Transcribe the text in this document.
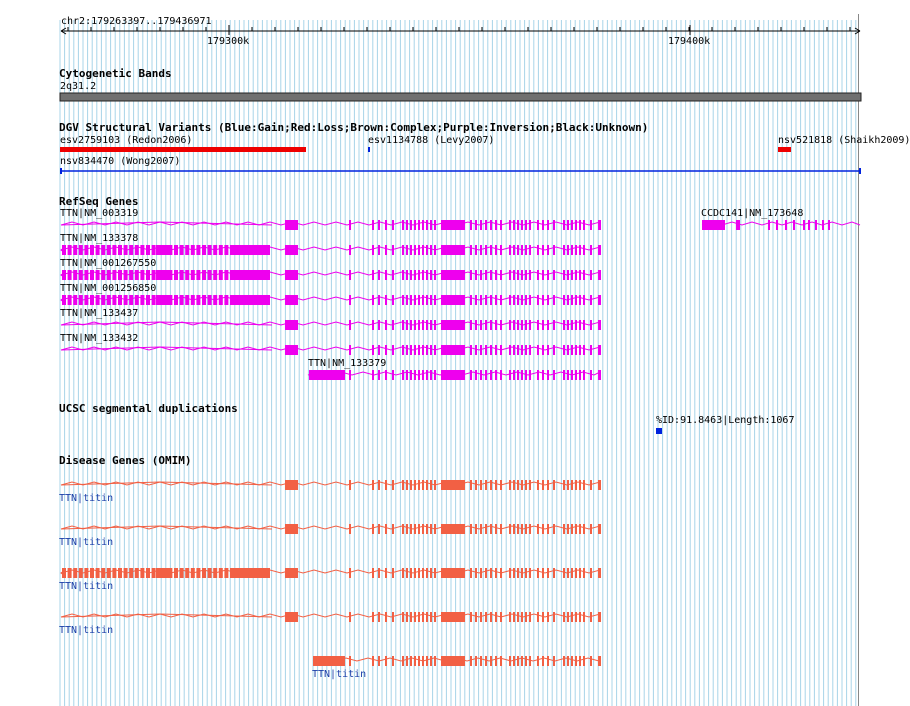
chr2:179263397..179436971
179300k	179400k
Cytogenetic Bands
2q31.2
DGV Structural Variants (Blue:Gain;Red:Loss;Brown:Complex;Purple:Inversion;Black:Unknown)
esv2759103 (Redon2006)	esv1134788 (Levy2007)	nsv521818 (Shaikh2009)
nsv834470 (Wong2007)
RefSeq Genes
TTN|NM_003319	CCDC141|NM_173648
TTN|NM_133378
TTN|NM_001267550
TTN|NM_001256850
TTN|NM_133437
TTN|NM_133432
TTN|NM_133379
UCSC segmental duplications
%ID:91.8463|Length:1067
Disease Genes (OMIM)
TTN|titin
TTN|titin
TTN|titin
TTN|titin
TTN|titin
